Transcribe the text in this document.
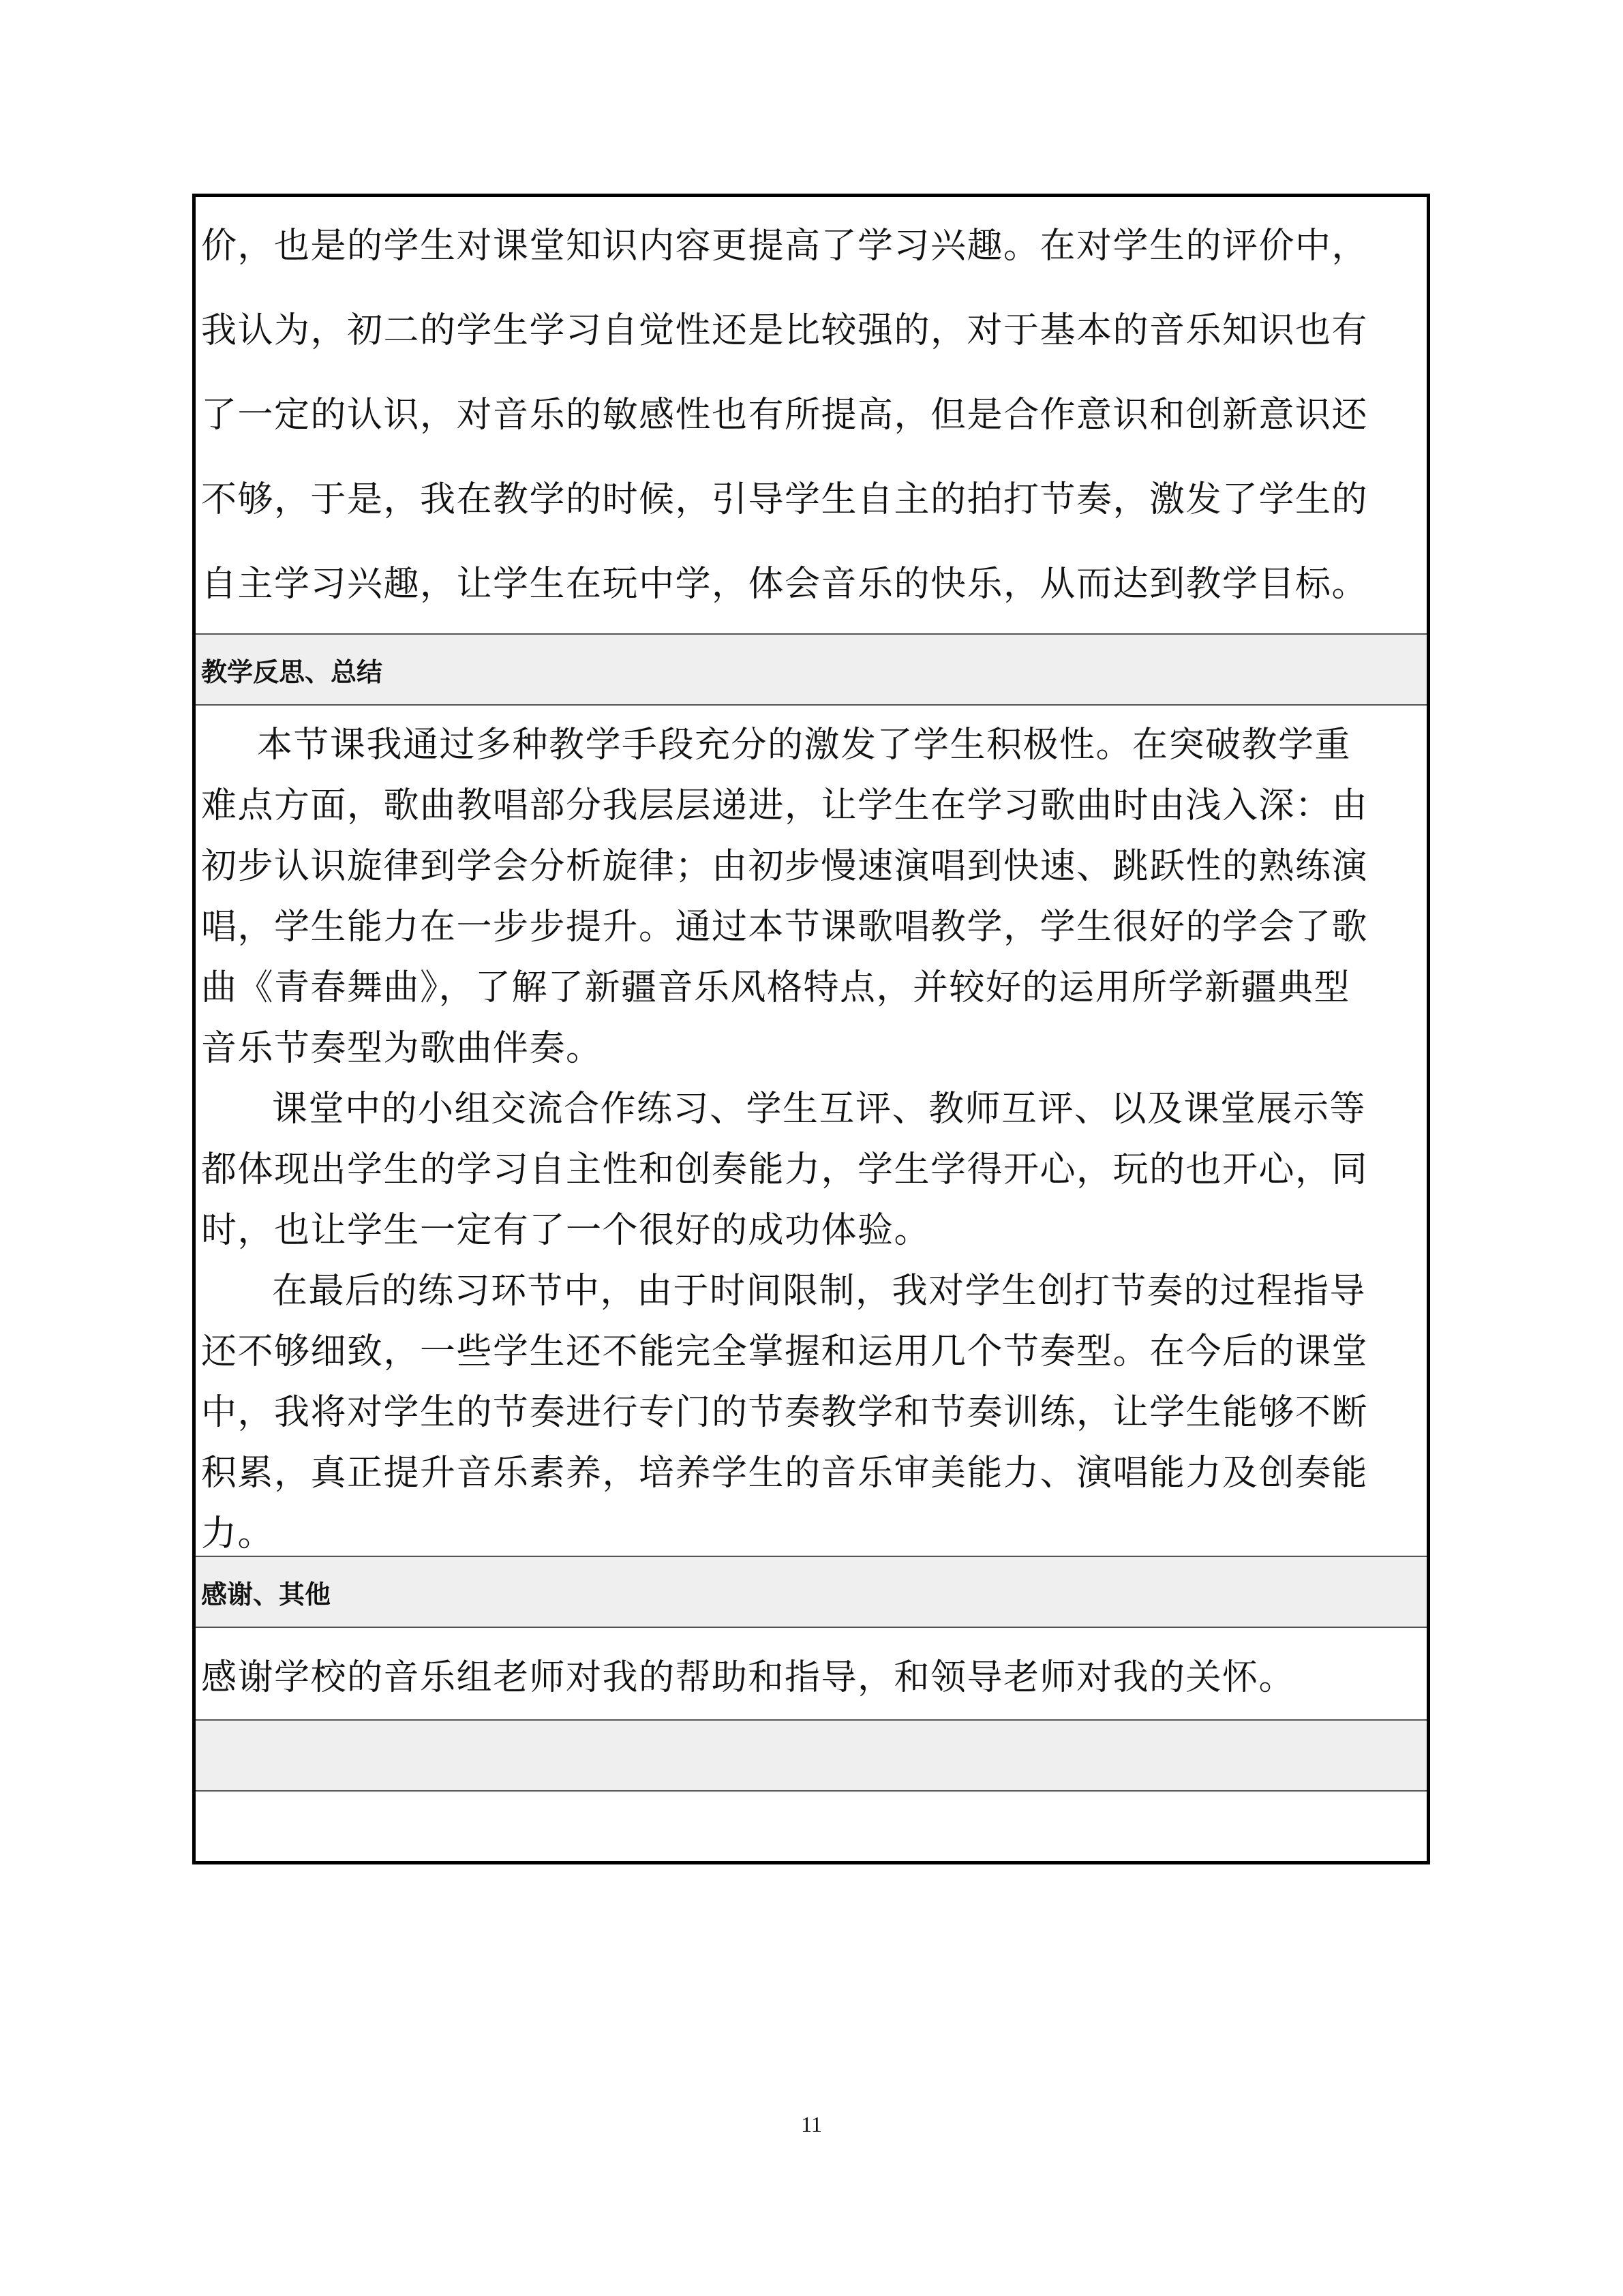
价，也是的学生对课堂知识内容更提高了学习兴趣。在对学生的评价中，

我认为，初二的学生学习自觉性还是比较强的，对于基本的音乐知识也有

了一定的认识，对音乐的敏感性也有所提高，但是合作意识和创新意识还

不够，于是，我在教学的时候，引导学生自主的拍打节奏，激发了学生的

自主学习兴趣，让学生在玩中学，体会音乐的快乐，从而达到教学目标。

教学反思、总结

本节课我通过多种教学手段充分的激发了学生积极性。在突破教学重

难点方面，歌曲教唱部分我层层递进，让学生在学习歌曲时由浅入深：由

初步认识旋律到学会分析旋律；由初步慢速演唱到快速、跳跃性的熟练演

唱，学生能力在一步步提升。通过本节课歌唱教学，学生很好的学会了歌

曲《青春舞曲》，了解了新疆音乐风格特点，并较好的运用所学新疆典型

音乐节奏型为歌曲伴奏。

课堂中的小组交流合作练习、学生互评、教师互评、以及课堂展示等

都体现出学生的学习自主性和创奏能力，学生学得开心，玩的也开心，同

时，也让学生一定有了一个很好的成功体验。

在最后的练习环节中，由于时间限制，我对学生创打节奏的过程指导

还不够细致，一些学生还不能完全掌握和运用几个节奏型。在今后的课堂

中，我将对学生的节奏进行专门的节奏教学和节奏训练，让学生能够不断

积累，真正提升音乐素养，培养学生的音乐审美能力、演唱能力及创奏能

力。

感谢、其他

感谢学校的音乐组老师对我的帮助和指导，和领导老师对我的关怀。

11
